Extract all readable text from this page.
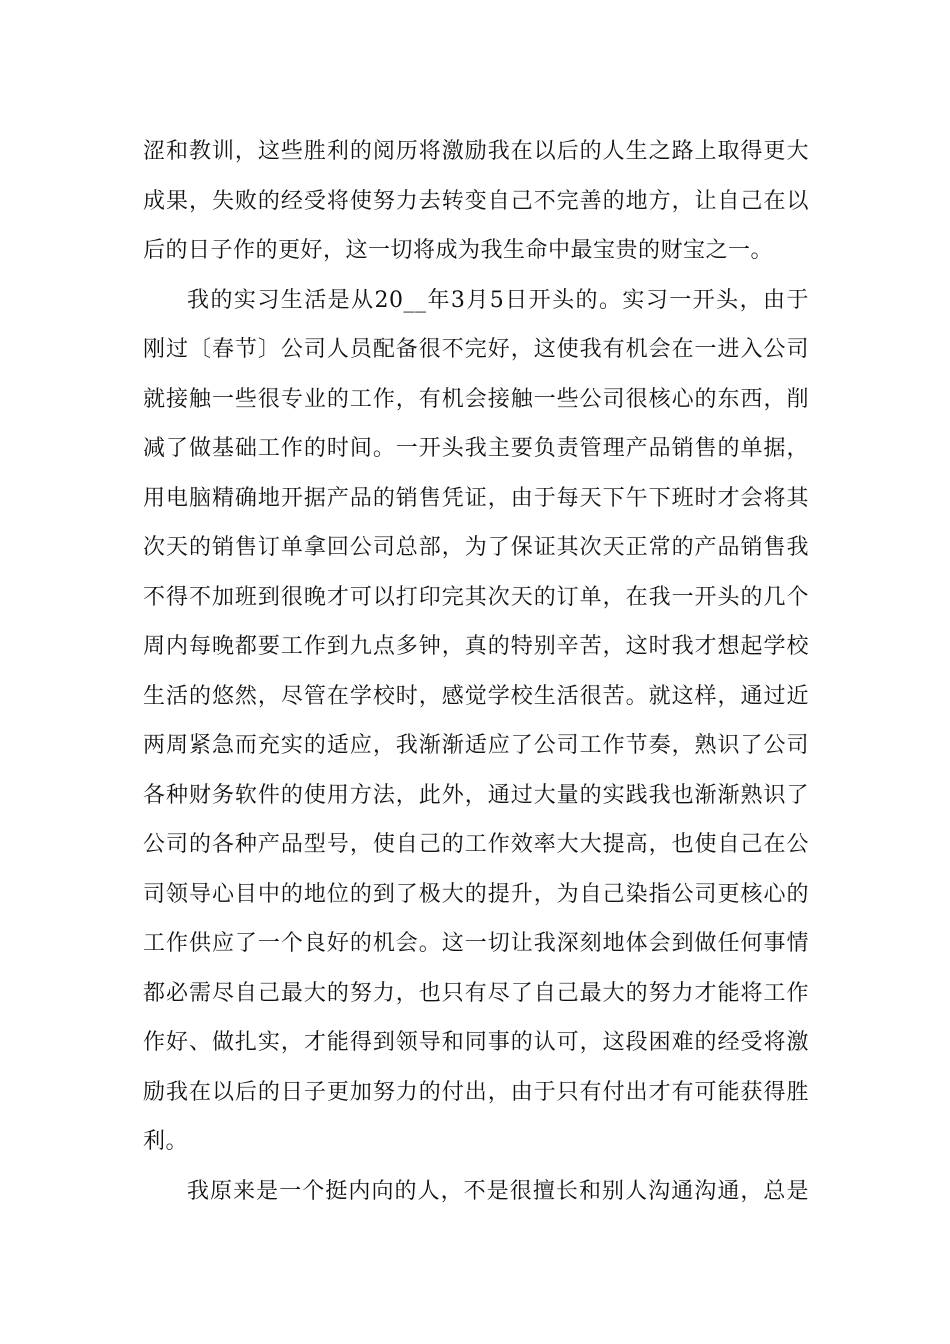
涩和教训，这些胜利的阅历将激励我在以后的人生之路上取得更大
成果，失败的经受将使努力去转变自己不完善的地方，让自己在以
后的日子作的更好，这一切将成为我生命中最宝贵的财宝之一。
我的实习生活是从20__年3月5日开头的。实习一开头，由于
刚过〔春节〕公司人员配备很不完好，这使我有机会在一进入公司
就接触一些很专业的工作，有机会接触一些公司很核心的东西，削
减了做基础工作的时间。一开头我主要负责管理产品销售的单据，
用电脑精确地开据产品的销售凭证，由于每天下午下班时才会将其
次天的销售订单拿回公司总部，为了保证其次天正常的产品销售我
不得不加班到很晚才可以打印完其次天的订单，在我一开头的几个
周内每晚都要工作到九点多钟，真的特别辛苦，这时我才想起学校
生活的悠然，尽管在学校时，感觉学校生活很苦。就这样，通过近
两周紧急而充实的适应，我渐渐适应了公司工作节奏，熟识了公司
各种财务软件的使用方法，此外，通过大量的实践我也渐渐熟识了
公司的各种产品型号，使自己的工作效率大大提高，也使自己在公
司领导心目中的地位的到了极大的提升，为自己染指公司更核心的
工作供应了一个良好的机会。这一切让我深刻地体会到做任何事情
都必需尽自己最大的努力，也只有尽了自己最大的努力才能将工作
作好、做扎实，才能得到领导和同事的认可，这段困难的经受将激
励我在以后的日子更加努力的付出，由于只有付出才有可能获得胜
利。
我原来是一个挺内向的人，不是很擅长和别人沟通沟通，总是
